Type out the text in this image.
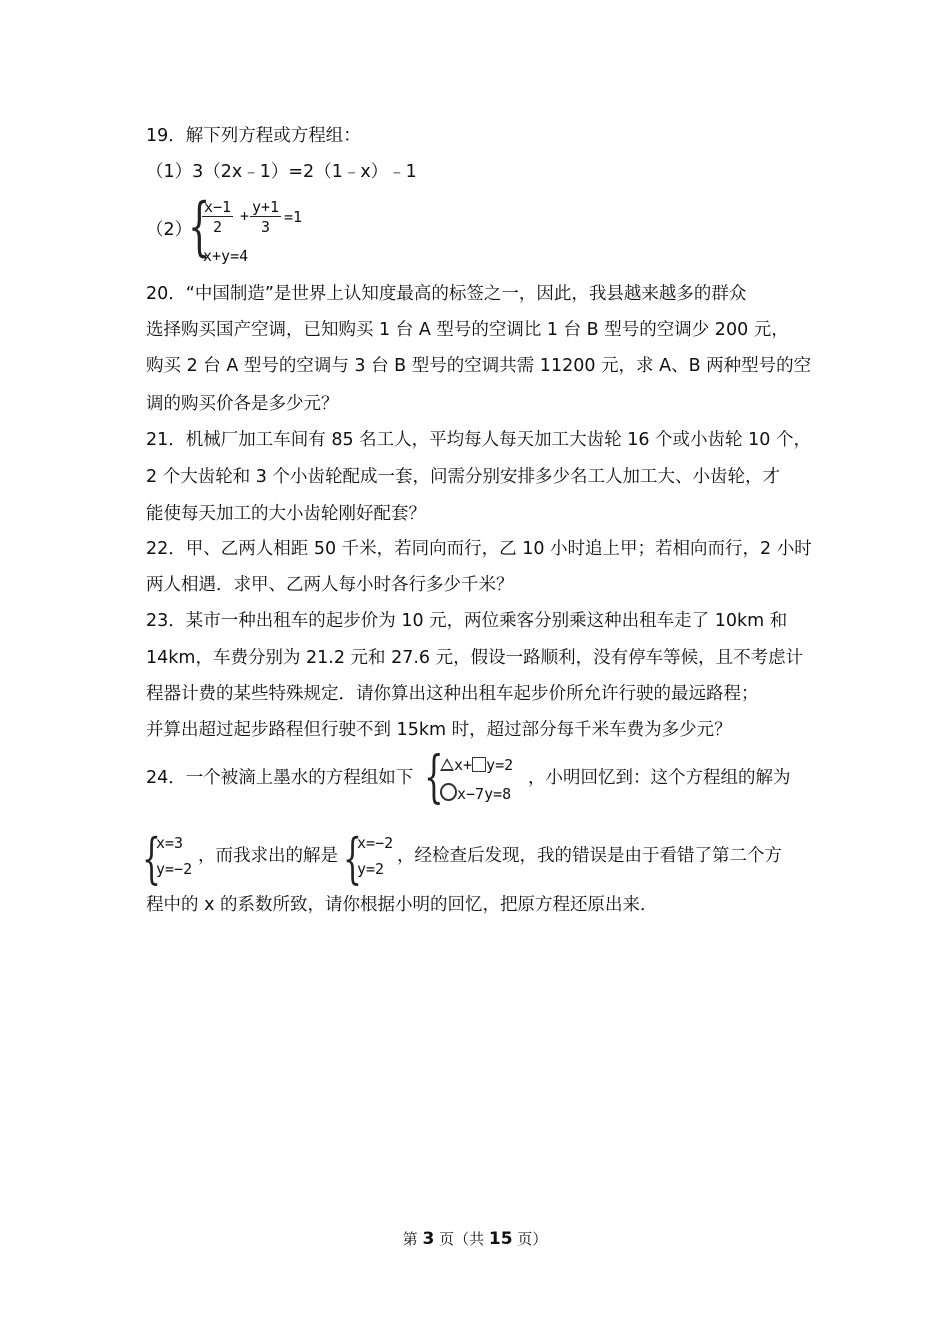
19．解下列方程或方程组：
（1）3（2x﹣1）=2（1﹣x）﹣1
（2）
{
$\frac{x-1}{2} + \frac{y+1}{3} =1$
x+y=4
20．“中国制造”是世界上认知度最高的标签之一，因此，我县越来越多的群众
选择购买国产空调，已知购买 1 台 A 型号的空调比 1 台 B 型号的空调少 200 元，
购买 2 台 A 型号的空调与 3 台 B 型号的空调共需 11200 元，求 A、B 两种型号的空
调的购买价各是多少元？
21．机械厂加工车间有 85 名工人，平均每人每天加工大齿轮 16 个或小齿轮 10 个，
2 个大齿轮和 3 个小齿轮配成一套，问需分别安排多少名工人加工大、小齿轮，才
能使每天加工的大小齿轮刚好配套？
22．甲、乙两人相距 50 千米，若同向而行，乙 10 小时追上甲；若相向而行，2 小时
两人相遇．求甲、乙两人每小时各行多少千米？
23．某市一种出租车的起步价为 10 元，两位乘客分别乘这种出租车走了 10km 和
14km，车费分别为 21.2 元和 27.6 元，假设一路顺利，没有停车等候，且不考虑计
程器计费的某些特殊规定．请你算出这种出租车起步价所允许行驶的最远路程；
并算出超过起步路程但行驶不到 15km 时，超过部分每千米车费为多少元？
24．一个被滴上墨水的方程组如下 { x+ y=2
x−7y=8
，小明回忆到：这个方程组的解为
{
x=3
y=−2
，而我求出的解是 {
x=−2
y=2
，经检查后发现，我的错误是由于看错了第二个方
程中的 x 的系数所致，请你根据小明的回忆，把原方程还原出来．
第 3 页（共 15 页）
